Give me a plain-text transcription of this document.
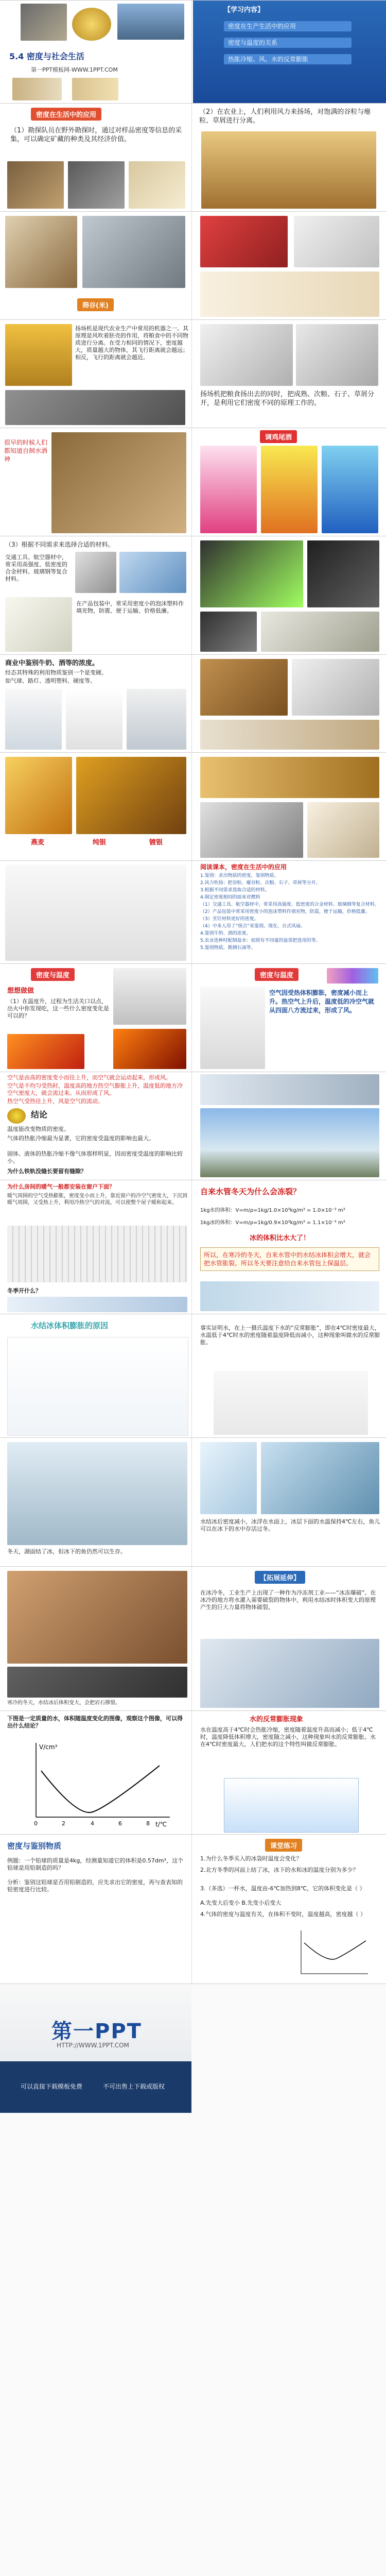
5.4 密度与社会生活
第一PPT模板网-WWW.1PPT.COM
【学习内容】
密度在生产生活中的应用
密度与温度的关系
热胀冷缩、风、水的反常膨胀
密度在生活中的应用
（1）勘探队员在野外勘探时，通过对样品密度等信息的采集，可以确定矿藏的种类及其经济价值。
（2）在农业上，人们利用风力来扬场，对饱满的谷粒与瘪粒、草屑进行分离。
筛谷(米)
扬场机是现代农业生产中常用的机器之一。其原理是风吹着胚壳的作用，将粮食中的不同物质进行分离。在受力相同的情况下，密度越大，质量越大的物体，其飞行距离就会越远；相反，飞行的距离就会越近。
扬场机把粮食扬出去的同时，把成熟、次粮、石子、草屑分开，是利用它们密度不同的原理工作的。
很早的时候人们都知道自制水酒神
调鸡尾酒
（3）根据不同需求来选择合适的材料。
交通工具、航空器材中，常采用高强度、低密度的合金材料、玻璃钢等复合材料。
在产品包装中，常采用密度小的泡沫塑料作填充物，防震、便于运输、价格低廉。
商业中鉴别牛奶、酒等的浓度。
经态其特殊的利用物质鉴别一个是变硬。
如气球、路灯、透明塑料、硬度等。
燕麦	纯银	镀银
阅读课本，密度在生活中的应用
1.鉴别：求出物质的密度，鉴别物质。
2.风力吹扬：把谷粒、瘪谷粒、次粮、石子、草屑等分开。
3.根据不同需求选取合适的材料。
4.制定密度相同的面来对燃料
（1）交通工具、航空器材中，常采用高强度、低密度的合金材料、玻璃钢等复合材料。
（2）产品包装中常采用密度小的泡沫塑料作填充物，防震，便于运输，价格低廉。
（3）烹饪材料更好的密度。
（4）中来人用了“统合”来鉴别。现在，台式风扇。
4.鉴别牛奶、酒的浓度。
5.农业选种时配制盐水：依照有不同量的盐需把选用的等。
5.鉴别物质，勘测石油等。
密度与温度
想想做做
（1）在温度升，过程为生活关口以点，出火中你发现吃，这一些什么密度变化是可以的？
密度与温度
空气因受热体积膨胀，密度减小而上升。热空气上升后，温度低的冷空气就从四面八方流过来，形成了风。
空气是由高的密度变小而往上升，而空气就会运动起来，形成风。
空气是不均匀受热时，温度高的地方热空气膨胀上升，温度低的地方冷空气密度大，就会流过来。从而形成了风。
热空气受热往上升，风是空气的流动。
结论
温度能改变物质的密度。
气体的热胀冷缩最为显著，它的密度受温度的影响也最大。
固体、液体的热胀冷缩不像气体那样明显，因而密度受温度的影响比较小。
为什么铁轨没缝长要留有缝隙？
为什么房间的暖气一般都安装在窗户下面？
暖气周围的空气受热膨胀，密度变小而上升，靠近窗户的冷空气密度大，下沉到暖气周围，又受热上升，利用冷热空气的对流，可以使整个屋子暖和起来。
冬季开什么？
自来水管冬天为什么会冻裂？
1kg水的体积：V=m/ρ=1kg/1.0×10³kg/m³ = 1.0×10⁻³ m³
1kg冰的体积：V=m/ρ=1kg/0.9×10³kg/m³ = 1.1×10⁻³ m³
冰的体积比水大了！
所以，在寒冷的冬天，自来水管中的水结冰体积会增大，就会把水管胀裂。所以冬天要注意给自来水管包上保温层。
水结冰体积膨胀的原因	事实证明水，在上一摄氏温度下水的“反常膨胀”，即在4℃时密度最大，水温低于4℃时水的密度随着温度降低而减小，这种现象叫做水的反常膨胀。
冬天，湖面结了冰，但冰下的鱼仍然可以生存。
水结冰后密度减小，冰浮在水面上，冰层下面的水温保持4℃左右，鱼儿可以在冰下的水中存活过冬。
寒冷的冬天，水结冰后体积变大，会把岩石撑裂。
【拓展延伸】
在冰冷冬，工业生产上出现了一种作为冷冻剂工业——“冰冻爆破”。在冰冷的地方将水灌入需要破裂的物体中，利用水结冰时体积变大的原理产生的巨大力量将物体破裂。
下图是一定质量的水，体积随温度变化的图像，观察这个图像，可以得出什么结论？
V/cm³
t/℃
0	2	4	6	8
水的反常膨胀现象
水在温度高于4℃时会热胀冷缩，密度随着温度升高而减小；低于4℃时，温度降低体积增大，密度随之减小，这种现象叫水的反常膨胀。水在4℃时密度最大，人们把水的这个特性叫做反常膨胀。
密度与鉴别物质
例题：一个铅球的质量是4kg，经测量知道它的体积是0.57dm³，这个铅球是用铅制造的吗？
分析：鉴别这铅球是否用铅制造的，应先求出它的密度，再与查表知的铅密度进行比较。
课堂练习
1.为什么冬季买入的冰袋时温度会变化？
2.北方冬季的河面上结了冰，冰下的水和冰的温度分别为多少？
3.（多选）一杯水，温度由-6℃加热到8℃，它的体积变化是（ ）
A.先变大后变小 B.先变小后变大
4.气体的密度与温度有关，在体积不变时，温度越高，密度越（ ）
第一PPT
HTTP://WWW.1PPT.COM
可以直接下载模板免费	不可出售上下载或版权
